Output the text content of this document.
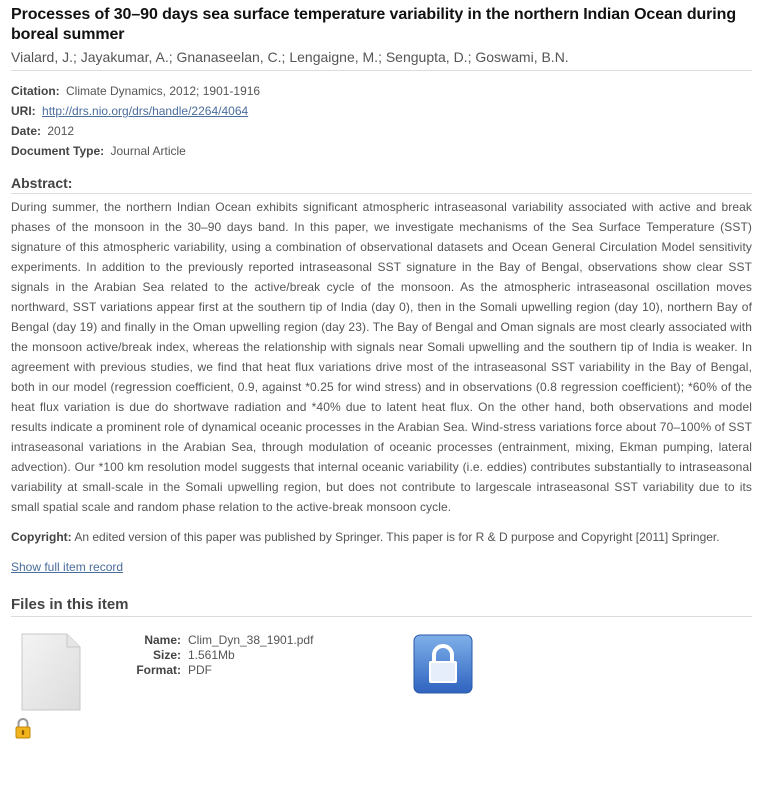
Processes of 30–90 days sea surface temperature variability in the northern Indian Ocean during boreal summer
Vialard, J.; Jayakumar, A.; Gnanaseelan, C.; Lengaigne, M.; Sengupta, D.; Goswami, B.N.
Citation: Climate Dynamics, 2012; 1901-1916
URI: http://drs.nio.org/drs/handle/2264/4064
Date: 2012
Document Type: Journal Article
Abstract:
During summer, the northern Indian Ocean exhibits significant atmospheric intraseasonal variability associated with active and break phases of the monsoon in the 30–90 days band. In this paper, we investigate mechanisms of the Sea Surface Temperature (SST) signature of this atmospheric variability, using a combination of observational datasets and Ocean General Circulation Model sensitivity experiments. In addition to the previously reported intraseasonal SST signature in the Bay of Bengal, observations show clear SST signals in the Arabian Sea related to the active/break cycle of the monsoon. As the atmospheric intraseasonal oscillation moves northward, SST variations appear first at the southern tip of India (day 0), then in the Somali upwelling region (day 10), northern Bay of Bengal (day 19) and finally in the Oman upwelling region (day 23). The Bay of Bengal and Oman signals are most clearly associated with the monsoon active/break index, whereas the relationship with signals near Somali upwelling and the southern tip of India is weaker. In agreement with previous studies, we find that heat flux variations drive most of the intraseasonal SST variability in the Bay of Bengal, both in our model (regression coefficient, 0.9, against *0.25 for wind stress) and in observations (0.8 regression coefficient); *60% of the heat flux variation is due do shortwave radiation and *40% due to latent heat flux. On the other hand, both observations and model results indicate a prominent role of dynamical oceanic processes in the Arabian Sea. Wind-stress variations force about 70–100% of SST intraseasonal variations in the Arabian Sea, through modulation of oceanic processes (entrainment, mixing, Ekman pumping, lateral advection). Our *100 km resolution model suggests that internal oceanic variability (i.e. eddies) contributes substantially to intraseasonal variability at small-scale in the Somali upwelling region, but does not contribute to largescale intraseasonal SST variability due to its small spatial scale and random phase relation to the active-break monsoon cycle.
Copyright: An edited version of this paper was published by Springer. This paper is for R & D purpose and Copyright [2011] Springer.
Show full item record
Files in this item
Name: Clim_Dyn_38_1901.pdf
Size: 1.561Mb
Format: PDF
